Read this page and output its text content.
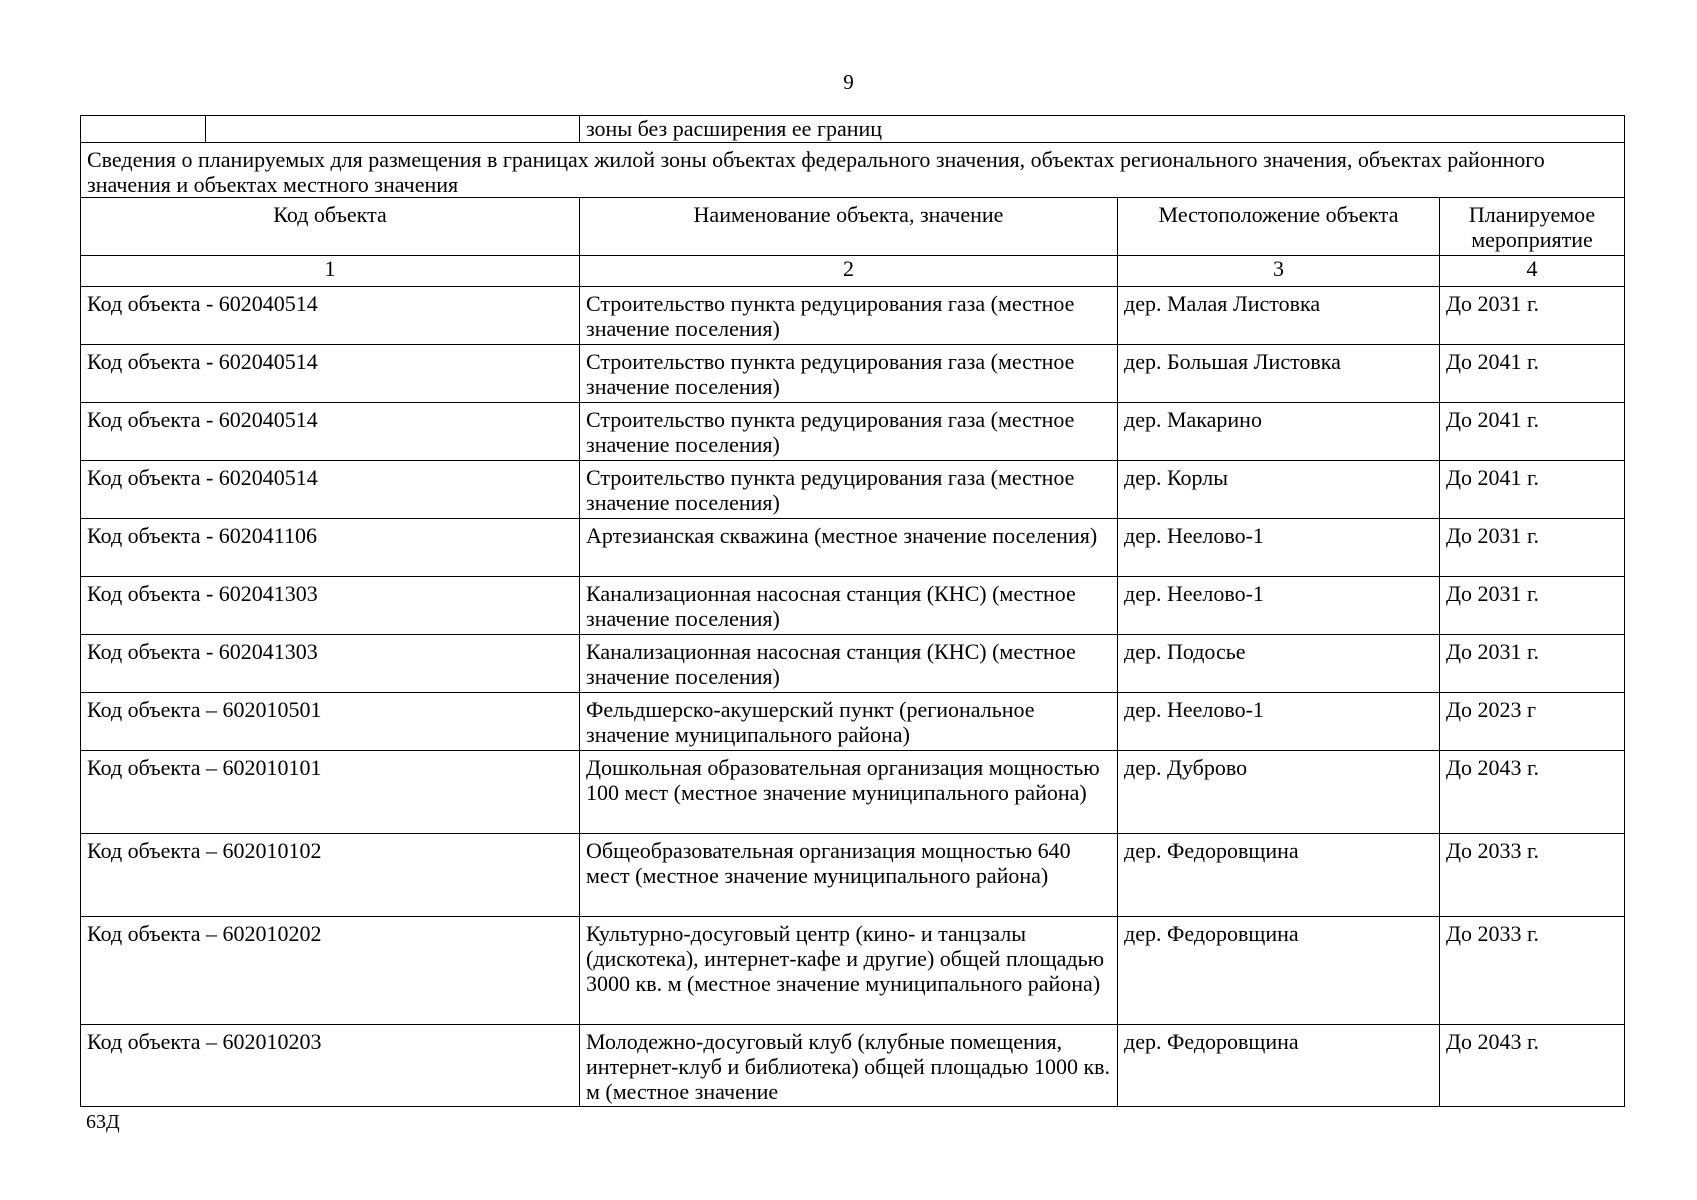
9
		зоны без расширения ее границ		
Сведения о планируемых для размещения в границах жилой зоны объектах федерального значения, объектах регионального значения, объектах районного значения и объектах местного значения				
Код объекта		Наименование объекта, значение	Местоположение объекта	Планируемое мероприятие
1		2	3	4
Код объекта - 602040514		Строительство пункта редуцирования газа (местное значение поселения)	дер. Малая Листовка	До 2031 г.
Код объекта - 602040514		Строительство пункта редуцирования газа (местное значение поселения)	дер. Большая Листовка	До 2041 г.
Код объекта - 602040514		Строительство пункта редуцирования газа (местное значение поселения)	дер. Макарино	До 2041 г.
Код объекта - 602040514		Строительство пункта редуцирования газа (местное значение поселения)	дер. Корлы	До 2041 г.
Код объекта - 602041106		Артезианская скважина (местное значение поселения)	дер. Неелово-1	До 2031 г.
Код объекта - 602041303		Канализационная насосная станция (КНС) (местное значение поселения)	дер. Неелово-1	До 2031 г.
Код объекта - 602041303		Канализационная насосная станция (КНС) (местное значение поселения)	дер. Подосье	До 2031 г.
Код объекта – 602010501		Фельдшерско-акушерский пункт (региональное значение муниципального района)	дер. Неелово-1	До 2023 г
Код объекта – 602010101		Дошкольная образовательная организация мощностью 100 мест (местное значение муниципального района)	дер. Дуброво	До 2043 г.
Код объекта – 602010102		Общеобразовательная организация мощностью 640 мест (местное значение муниципального района)	дер. Федоровщина	До 2033 г.
Код объекта – 602010202		Культурно-досуговый центр (кино- и танцзалы (дискотека), интернет-кафе и другие) общей площадью 3000 кв. м (местное значение муниципального района)	дер. Федоровщина	До 2033 г.
Код объекта – 602010203		Молодежно-досуговый клуб (клубные помещения, интернет-клуб и библиотека) общей площадью 1000 кв. м (местное значение	дер. Федоровщина	До 2043 г.
63Д
